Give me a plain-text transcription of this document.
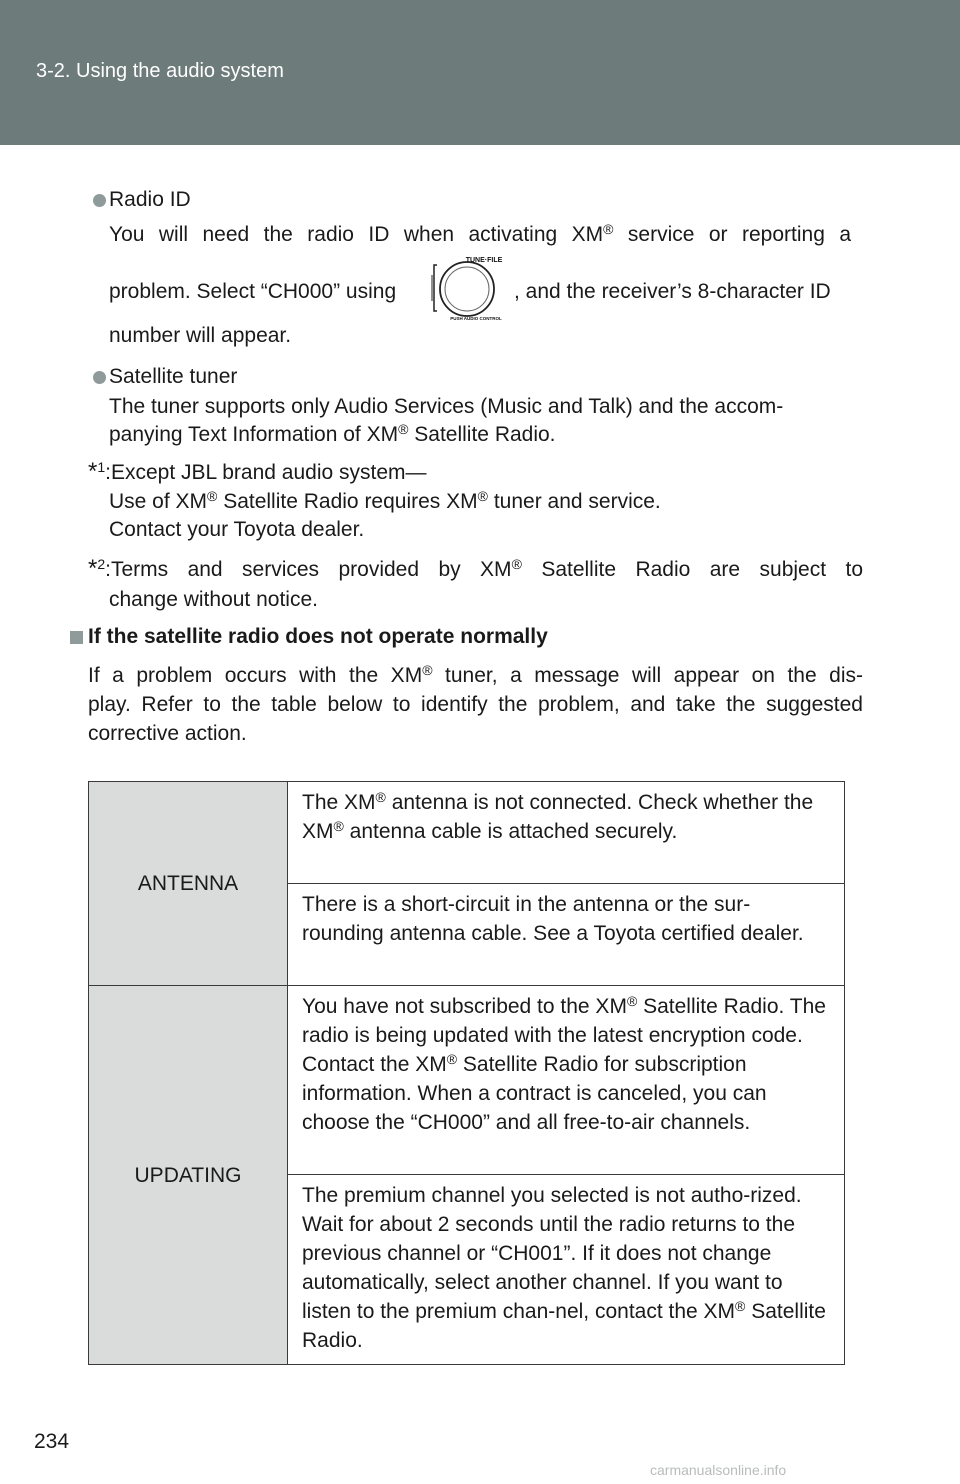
3-2. Using the audio system
Radio ID
You will need the radio ID when activating XM® service or reporting a
problem. Select “CH000” using
TUNE·FILE
PUSH AUDIO CONTROL
, and the receiver’s 8-character ID
number will appear.
Satellite tuner
The tuner supports only Audio Services (Music and Talk) and the accom-
panying Text Information of XM® Satellite Radio.
*$^1$:Except JBL brand audio system—
Use of XM® Satellite Radio requires XM® tuner and service.
Contact your Toyota dealer.
*$^2$:Terms and services provided by XM® Satellite Radio are subject to
change without notice.
If the satellite radio does not operate normally
If a problem occurs with the XM® tuner, a message will appear on the dis-
play. Refer to the table below to identify the problem, and take the suggested
corrective action.
ANTENNA	The XM® antenna is not connected. Check whether the XM® antenna cable is attached securely.
	There is a short-circuit in the antenna or the sur-rounding antenna cable. See a Toyota certified dealer.
UPDATING	You have not subscribed to the XM® Satellite Radio. The radio is being updated with the latest encryption code. Contact the XM® Satellite Radio for subscription information. When a contract is canceled, you can choose the “CH000” and all free-to-air channels.
	The premium channel you selected is not autho-rized. Wait for about 2 seconds until the radio returns to the previous channel or “CH001”. If it does not change automatically, select another channel. If you want to listen to the premium chan-nel, contact the XM® Satellite Radio.
234
carmanualsonline.info
